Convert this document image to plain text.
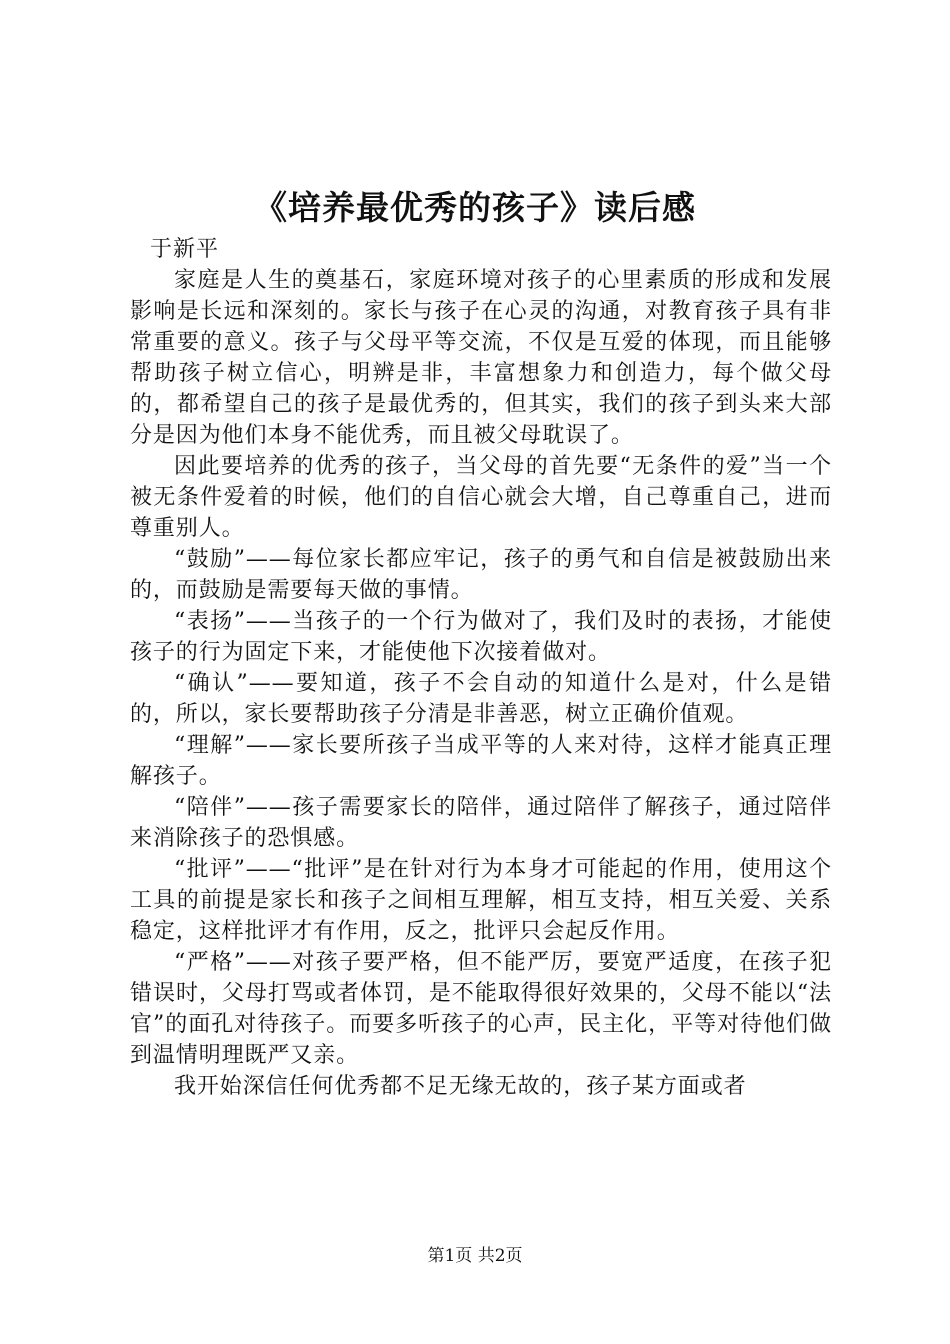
《培养最优秀的孩子》读后感

于新平

家庭是人生的奠基石，家庭环境对孩子的心里素质的形成和发展影响是长远和深刻的。家长与孩子在心灵的沟通，对教育孩子具有非常重要的意义。孩子与父母平等交流，不仅是互爱的体现，而且能够帮助孩子树立信心，明辨是非，丰富想象力和创造力，每个做父母的，都希望自己的孩子是最优秀的，但其实，我们的孩子到头来大部分是因为他们本身不能优秀，而且被父母耽误了。

因此要培养的优秀的孩子，当父母的首先要“无条件的爱”当一个被无条件爱着的时候，他们的自信心就会大增，自己尊重自己，进而尊重别人。

“鼓励”——每位家长都应牢记，孩子的勇气和自信是被鼓励出来的，而鼓励是需要每天做的事情。

“表扬”——当孩子的一个行为做对了，我们及时的表扬，才能使孩子的行为固定下来，才能使他下次接着做对。

“确认”——要知道，孩子不会自动的知道什么是对，什么是错的，所以，家长要帮助孩子分清是非善恶，树立正确价值观。

“理解”——家长要所孩子当成平等的人来对待，这样才能真正理解孩子。

“陪伴”——孩子需要家长的陪伴，通过陪伴了解孩子，通过陪伴来消除孩子的恐惧感。

“批评”——“批评”是在针对行为本身才可能起的作用，使用这个工具的前提是家长和孩子之间相互理解，相互支持，相互关爱、关系稳定，这样批评才有作用，反之，批评只会起反作用。

“严格”——对孩子要严格，但不能严厉，要宽严适度，在孩子犯错误时，父母打骂或者体罚，是不能取得很好效果的，父母不能以“法官”的面孔对待孩子。而要多听孩子的心声，民主化，平等对待他们做到温情明理既严又亲。

我开始深信任何优秀都不足无缘无故的，孩子某方面或者

第1页 共2页
